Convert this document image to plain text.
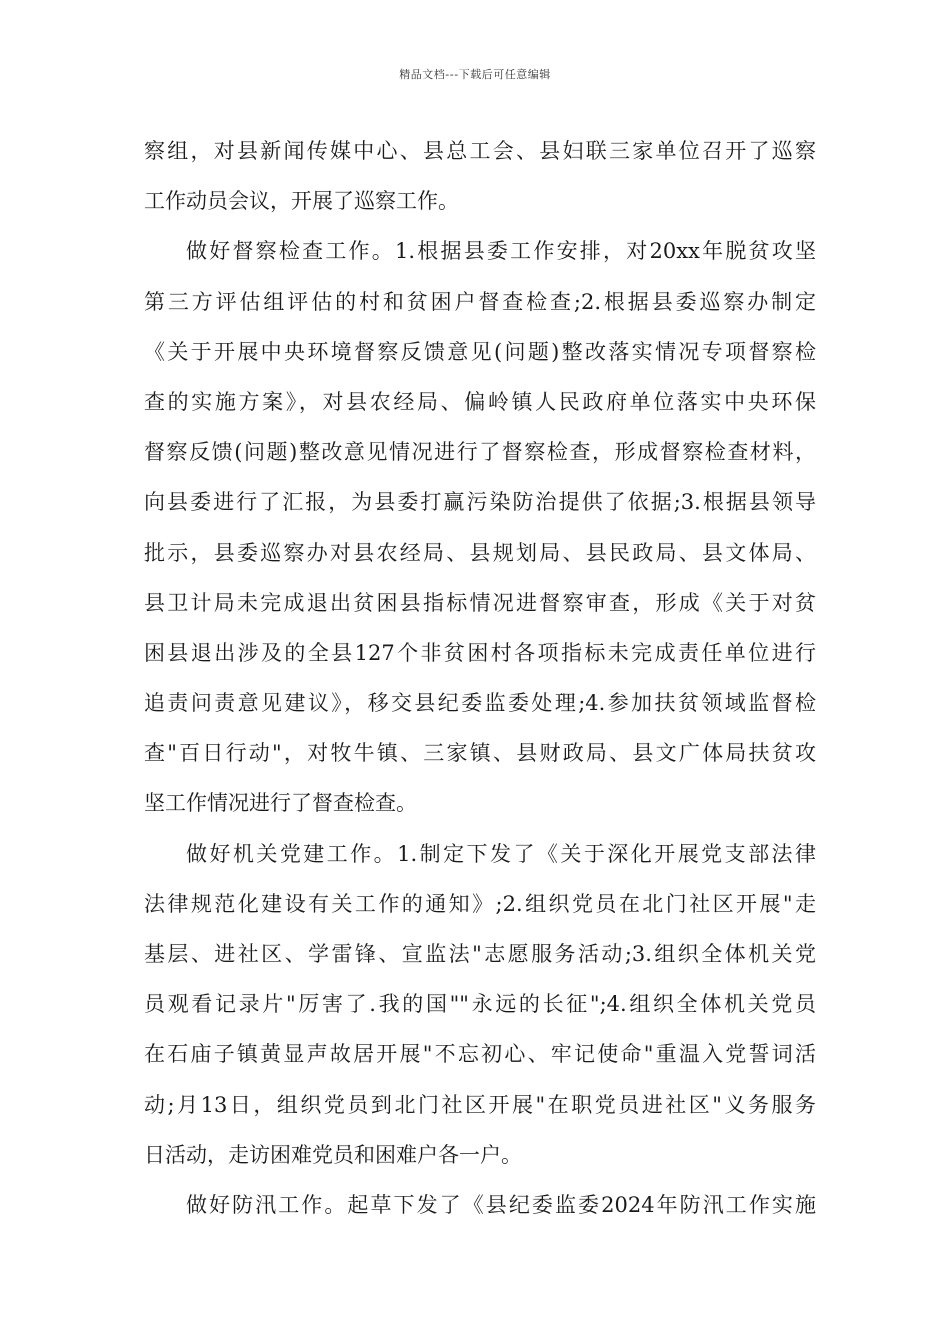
精品文档---下载后可任意编辑
察组，对县新闻传媒中心、县总工会、县妇联三家单位召开了巡察
工作动员会议，开展了巡察工作。
做好督察检查工作。1.根据县委工作安排，对20xx年脱贫攻坚
第三方评估组评估的村和贫困户督查检查;2.根据县委巡察办制定
《关于开展中央环境督察反馈意见(问题)整改落实情况专项督察检
查的实施方案》，对县农经局、偏岭镇人民政府单位落实中央环保
督察反馈(问题)整改意见情况进行了督察检查，形成督察检查材料，
向县委进行了汇报，为县委打赢污染防治提供了依据;3.根据县领导
批示，县委巡察办对县农经局、县规划局、县民政局、县文体局、
县卫计局未完成退出贫困县指标情况进督察审查，形成《关于对贫
困县退出涉及的全县127个非贫困村各项指标未完成责任单位进行
追责问责意见建议》，移交县纪委监委处理;4.参加扶贫领域监督检
查"百日行动"，对牧牛镇、三家镇、县财政局、县文广体局扶贫攻
坚工作情况进行了督查检查。
做好机关党建工作。1.制定下发了《关于深化开展党支部法律
法律规范化建设有关工作的通知》;2.组织党员在北门社区开展"走
基层、进社区、学雷锋、宣监法"志愿服务活动;3.组织全体机关党
员观看记录片"厉害了.我的国""永远的长征";4.组织全体机关党员
在石庙子镇黄显声故居开展"不忘初心、牢记使命"重温入党誓词活
动;月13日，组织党员到北门社区开展"在职党员进社区"义务服务
日活动，走访困难党员和困难户各一户。
做好防汛工作。起草下发了《县纪委监委2024年防汛工作实施
